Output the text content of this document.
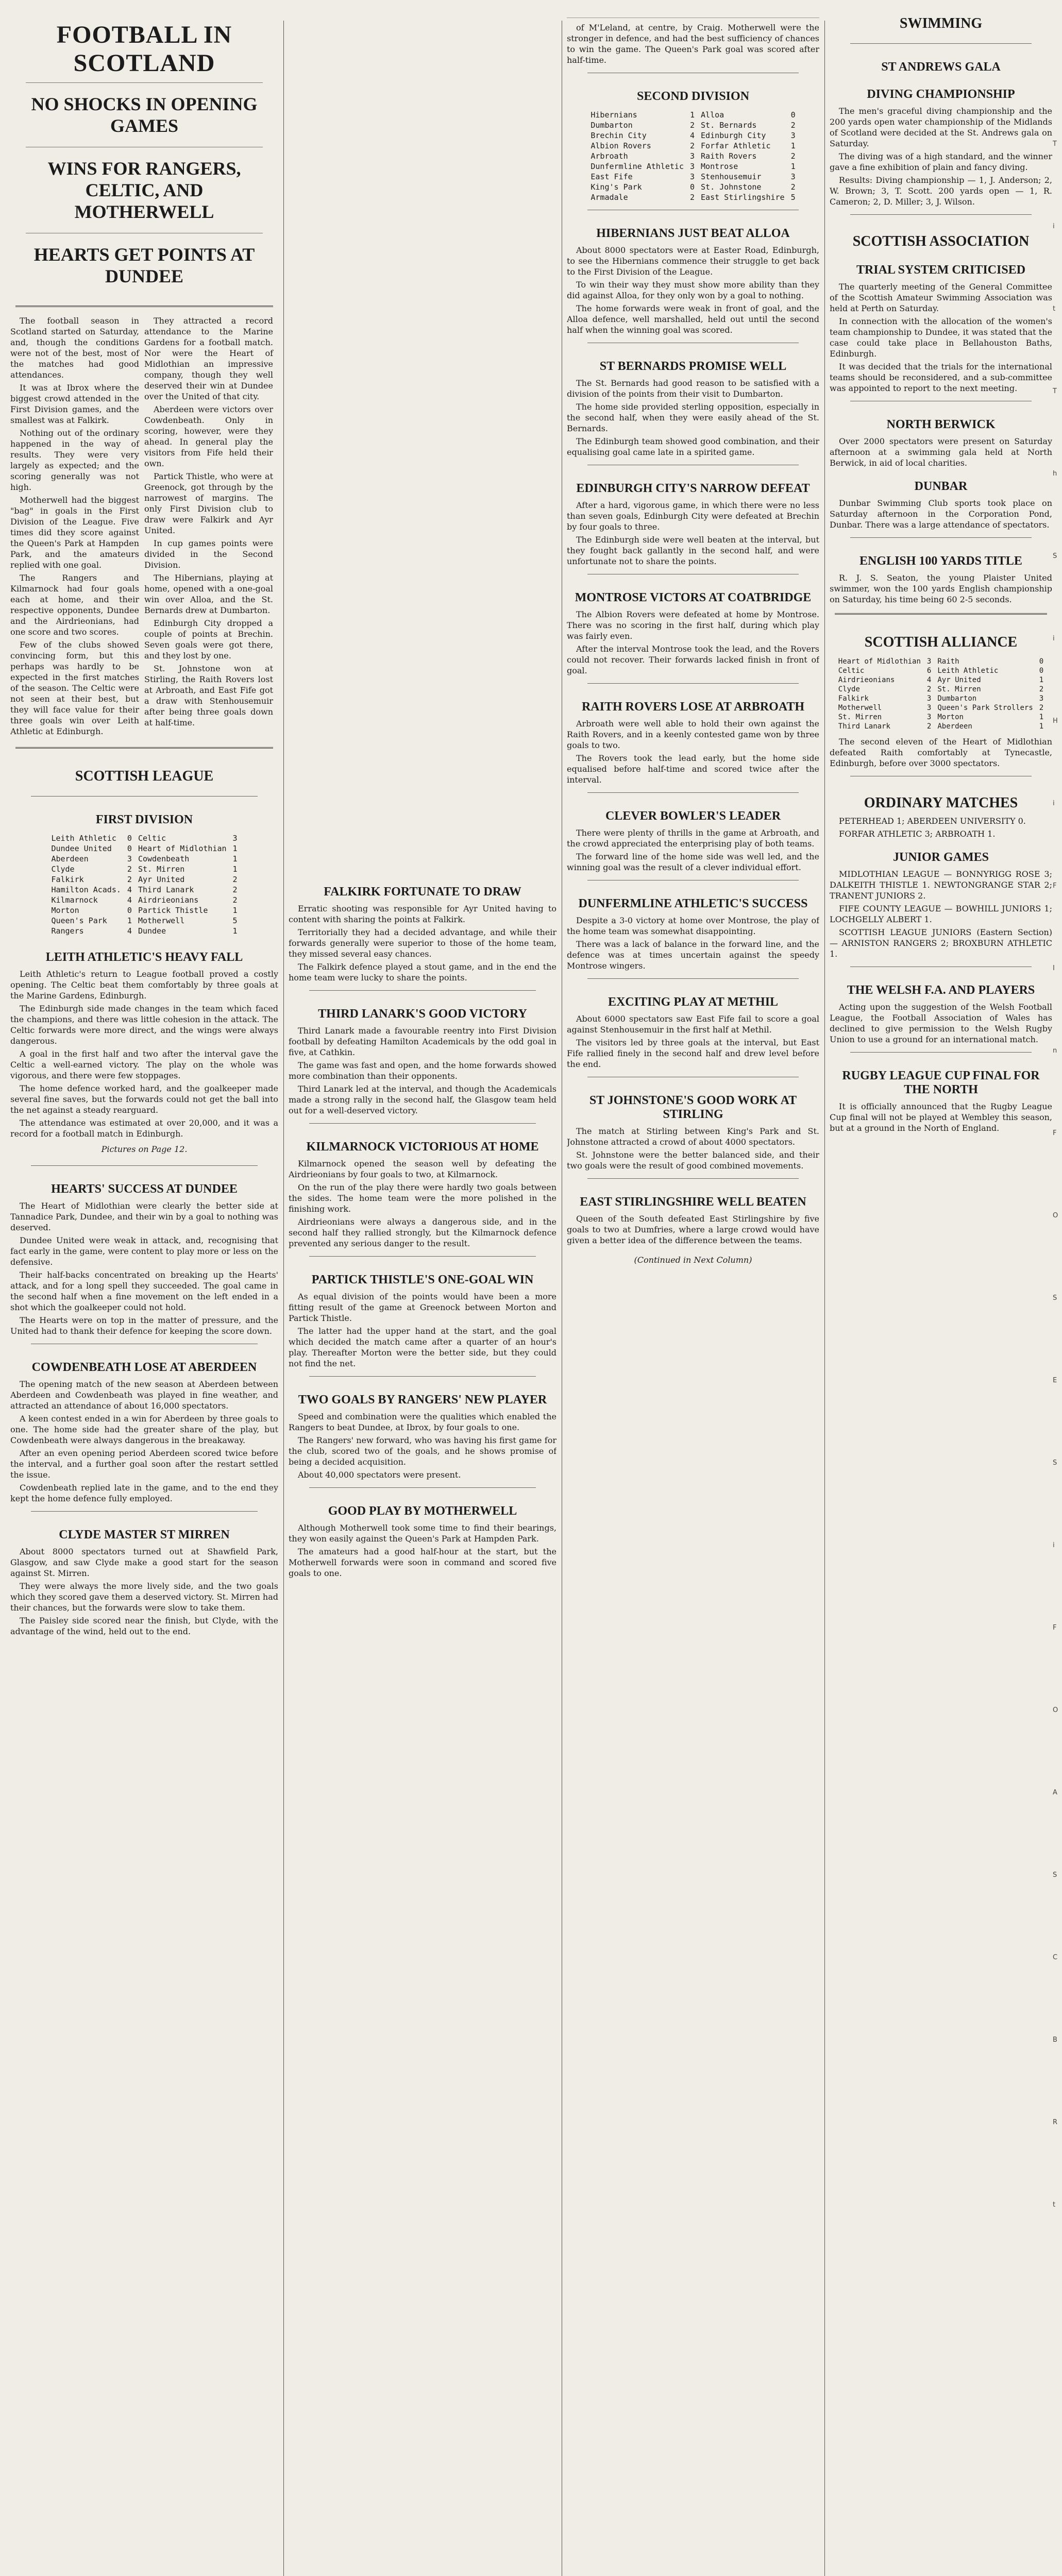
FOOTBALL IN SCOTLAND
NO SHOCKS IN OPENING GAMES
WINS FOR RANGERS, CELTIC, AND MOTHERWELL
HEARTS GET POINTS AT DUNDEE

The football season in Scotland started on Saturday, and, though the conditions were not of the best, most of the matches had good attendances.

It was at Ibrox where the biggest crowd attended in the First Division games, and the smallest was at Falkirk.

Nothing out of the ordinary happened in the way of results. They were very largely as expected; and the scoring generally was not high.

Motherwell had the biggest "bag" in goals in the First Division of the League. Five times did they score against the Queen's Park at Hampden Park, and the amateurs replied with one goal.

The Rangers and Kilmarnock had four goals each at home, and their respective opponents, Dundee and the Airdrieonians, had one score and two scores.

Few of the clubs showed convincing form, but this perhaps was hardly to be expected in the first matches of the season. The Celtic were not seen at their best, but they will face value for their three goals win over Leith Athletic at Edinburgh.

They attracted a record attendance to the Marine Gardens for a football match. Nor were the Heart of Midlothian an impressive company, though they well deserved their win at Dundee over the United of that city.

Aberdeen were victors over Cowdenbeath. Only in scoring, however, were they ahead. In general play the visitors from Fife held their own.

Partick Thistle, who were at Greenock, got through by the narrowest of margins. The only First Division club to draw were Falkirk and Ayr United.

In cup games points were divided in the Second Division.

The Hibernians, playing at home, opened with a one-goal win over Alloa, and the St. Bernards drew at Dumbarton.

Edinburgh City dropped a couple of points at Brechin. Seven goals were got there, and they lost by one.

St. Johnstone won at Stirling, the Raith Rovers lost at Arbroath, and East Fife got a draw with Stenhousemuir after being three goals down at half-time.

SCOTTISH LEAGUE
FIRST DIVISION
Leith Athletic	0	Celtic	3
Dundee United	0	Heart of Midlothian	1
Aberdeen	3	Cowdenbeath	1
Clyde	2	St. Mirren	1
Falkirk	2	Ayr United	2
Hamilton Acads.	4	Third Lanark	2
Kilmarnock	4	Airdrieonians	2
Morton	0	Partick Thistle	1
Queen's Park	1	Motherwell	5
Rangers	4	Dundee	1
LEITH ATHLETIC'S HEAVY FALL

Leith Athletic's return to League football proved a costly opening. The Celtic beat them comfortably by three goals at the Marine Gardens, Edinburgh.

The Edinburgh side made changes in the team which faced the champions, and there was little cohesion in the attack. The Celtic forwards were more direct, and the wings were always dangerous.

A goal in the first half and two after the interval gave the Celtic a well-earned victory. The play on the whole was vigorous, and there were few stoppages.

The home defence worked hard, and the goalkeeper made several fine saves, but the forwards could not get the ball into the net against a steady rearguard.

The attendance was estimated at over 20,000, and it was a record for a football match in Edinburgh.

Pictures on Page 12.
HEARTS' SUCCESS AT DUNDEE

The Heart of Midlothian were clearly the better side at Tannadice Park, Dundee, and their win by a goal to nothing was deserved.

Dundee United were weak in attack, and, recognising that fact early in the game, were content to play more or less on the defensive.

Their half-backs concentrated on breaking up the Hearts' attack, and for a long spell they succeeded. The goal came in the second half when a fine movement on the left ended in a shot which the goalkeeper could not hold.

The Hearts were on top in the matter of pressure, and the United had to thank their defence for keeping the score down.

COWDENBEATH LOSE AT ABERDEEN

The opening match of the new season at Aberdeen between Aberdeen and Cowdenbeath was played in fine weather, and attracted an attendance of about 16,000 spectators.

A keen contest ended in a win for Aberdeen by three goals to one. The home side had the greater share of the play, but Cowdenbeath were always dangerous in the breakaway.

After an even opening period Aberdeen scored twice before the interval, and a further goal soon after the restart settled the issue.

Cowdenbeath replied late in the game, and to the end they kept the home defence fully employed.

CLYDE MASTER ST MIRREN

About 8000 spectators turned out at Shawfield Park, Glasgow, and saw Clyde make a good start for the season against St. Mirren.

They were always the more lively side, and the two goals which they scored gave them a deserved victory. St. Mirren had their chances, but the forwards were slow to take them.

The Paisley side scored near the finish, but Clyde, with the advantage of the wind, held out to the end.

FALKIRK FORTUNATE TO DRAW

Erratic shooting was responsible for Ayr United having to content with sharing the points at Falkirk.

Territorially they had a decided advantage, and while their forwards generally were superior to those of the home team, they missed several easy chances.

The Falkirk defence played a stout game, and in the end the home team were lucky to share the points.

THIRD LANARK'S GOOD VICTORY

Third Lanark made a favourable reentry into First Division football by defeating Hamilton Academicals by the odd goal in five, at Cathkin.

The game was fast and open, and the home forwards showed more combination than their opponents.

Third Lanark led at the interval, and though the Academicals made a strong rally in the second half, the Glasgow team held out for a well-deserved victory.

KILMARNOCK VICTORIOUS AT HOME

Kilmarnock opened the season well by defeating the Airdrieonians by four goals to two, at Kilmarnock.

On the run of the play there were hardly two goals between the sides. The home team were the more polished in the finishing work.

Airdrieonians were always a dangerous side, and in the second half they rallied strongly, but the Kilmarnock defence prevented any serious danger to the result.

PARTICK THISTLE'S ONE-GOAL WIN

As equal division of the points would have been a more fitting result of the game at Greenock between Morton and Partick Thistle.

The latter had the upper hand at the start, and the goal which decided the match came after a quarter of an hour's play. Thereafter Morton were the better side, but they could not find the net.

TWO GOALS BY RANGERS' NEW PLAYER

Speed and combination were the qualities which enabled the Rangers to beat Dundee, at Ibrox, by four goals to one.

The Rangers' new forward, who was having his first game for the club, scored two of the goals, and he shows promise of being a decided acquisition.

About 40,000 spectators were present.

GOOD PLAY BY MOTHERWELL

Although Motherwell took some time to find their bearings, they won easily against the Queen's Park at Hampden Park.

The amateurs had a good half-hour at the start, but the Motherwell forwards were soon in command and scored five goals to one.

of M'Leland, at centre, by Craig. Motherwell were the stronger in defence, and had the best sufficiency of chances to win the game. The Queen's Park goal was scored after half-time.

SECOND DIVISION
Hibernians	1	Alloa	0
Dumbarton	2	St. Bernards	2
Brechin City	4	Edinburgh City	3
Albion Rovers	2	Forfar Athletic	1
Arbroath	3	Raith Rovers	2
Dunfermline Athletic	3	Montrose	1
East Fife	3	Stenhousemuir	3
King's Park	0	St. Johnstone	2
Armadale	2	East Stirlingshire	5
HIBERNIANS JUST BEAT ALLOA

About 8000 spectators were at Easter Road, Edinburgh, to see the Hibernians commence their struggle to get back to the First Division of the League.

To win their way they must show more ability than they did against Alloa, for they only won by a goal to nothing.

The home forwards were weak in front of goal, and the Alloa defence, well marshalled, held out until the second half when the winning goal was scored.

ST BERNARDS PROMISE WELL

The St. Bernards had good reason to be satisfied with a division of the points from their visit to Dumbarton.

The home side provided sterling opposition, especially in the second half, when they were easily ahead of the St. Bernards.

The Edinburgh team showed good combination, and their equalising goal came late in a spirited game.

EDINBURGH CITY'S NARROW DEFEAT

After a hard, vigorous game, in which there were no less than seven goals, Edinburgh City were defeated at Brechin by four goals to three.

The Edinburgh side were well beaten at the interval, but they fought back gallantly in the second half, and were unfortunate not to share the points.

MONTROSE VICTORS AT COATBRIDGE

The Albion Rovers were defeated at home by Montrose. There was no scoring in the first half, during which play was fairly even.

After the interval Montrose took the lead, and the Rovers could not recover. Their forwards lacked finish in front of goal.

RAITH ROVERS LOSE AT ARBROATH

Arbroath were well able to hold their own against the Raith Rovers, and in a keenly contested game won by three goals to two.

The Rovers took the lead early, but the home side equalised before half-time and scored twice after the interval.

CLEVER BOWLER'S LEADER

There were plenty of thrills in the game at Arbroath, and the crowd appreciated the enterprising play of both teams.

The forward line of the home side was well led, and the winning goal was the result of a clever individual effort.

DUNFERMLINE ATHLETIC'S SUCCESS

Despite a 3-0 victory at home over Montrose, the play of the home team was somewhat disappointing.

There was a lack of balance in the forward line, and the defence was at times uncertain against the speedy Montrose wingers.

EXCITING PLAY AT METHIL

About 6000 spectators saw East Fife fail to score a goal against Stenhousemuir in the first half at Methil.

The visitors led by three goals at the interval, but East Fife rallied finely in the second half and drew level before the end.

ST JOHNSTONE'S GOOD WORK AT STIRLING

The match at Stirling between King's Park and St. Johnstone attracted a crowd of about 4000 spectators.

St. Johnstone were the better balanced side, and their two goals were the result of good combined movements.

EAST STIRLINGSHIRE WELL BEATEN

Queen of the South defeated East Stirlingshire by five goals to two at Dumfries, where a large crowd would have given a better idea of the difference between the teams.

(Continued in Next Column)
SWIMMING
ST ANDREWS GALA
DIVING CHAMPIONSHIP

The men's graceful diving championship and the 200 yards open water championship of the Midlands of Scotland were decided at the St. Andrews gala on Saturday.

The diving was of a high standard, and the winner gave a fine exhibition of plain and fancy diving.

Results: Diving championship — 1, J. Anderson; 2, W. Brown; 3, T. Scott. 200 yards open — 1, R. Cameron; 2, D. Miller; 3, J. Wilson.

SCOTTISH ASSOCIATION
TRIAL SYSTEM CRITICISED

The quarterly meeting of the General Committee of the Scottish Amateur Swimming Association was held at Perth on Saturday.

In connection with the allocation of the women's team championship to Dundee, it was stated that the case could take place in Bellahouston Baths, Edinburgh.

It was decided that the trials for the international teams should be reconsidered, and a sub-committee was appointed to report to the next meeting.

NORTH BERWICK

Over 2000 spectators were present on Saturday afternoon at a swimming gala held at North Berwick, in aid of local charities.

DUNBAR

Dunbar Swimming Club sports took place on Saturday afternoon in the Corporation Pond, Dunbar. There was a large attendance of spectators.

ENGLISH 100 YARDS TITLE

R. J. S. Seaton, the young Plaister United swimmer, won the 100 yards English championship on Saturday, his time being 60 2-5 seconds.

SCOTTISH ALLIANCE
Heart of Midlothian	3	Raith	0
Celtic	6	Leith Athletic	0
Airdrieonians	4	Ayr United	1
Clyde	2	St. Mirren	2
Falkirk	3	Dumbarton	3
Motherwell	3	Queen's Park Strollers	2
St. Mirren	3	Morton	1
Third Lanark	2	Aberdeen	1

The second eleven of the Heart of Midlothian defeated Raith comfortably at Tynecastle, Edinburgh, before over 3000 spectators.

ORDINARY MATCHES

PETERHEAD 1; ABERDEEN UNIVERSITY 0.

FORFAR ATHLETIC 3; ARBROATH 1.

JUNIOR GAMES

MIDLOTHIAN LEAGUE — BONNYRIGG ROSE 3; DALKEITH THISTLE 1. NEWTONGRANGE STAR 2; TRANENT JUNIORS 2.

FIFE COUNTY LEAGUE — BOWHILL JUNIORS 1; LOCHGELLY ALBERT 1.

SCOTTISH LEAGUE JUNIORS (Eastern Section) — ARNISTON RANGERS 2; BROXBURN ATHLETIC 1.

THE WELSH F.A. AND PLAYERS

Acting upon the suggestion of the Welsh Football League, the Football Association of Wales has declined to give permission to the Welsh Rugby Union to use a ground for an international match.

RUGBY LEAGUE CUP FINAL FOR THE NORTH

It is officially announced that the Rugby League Cup final will not be played at Wembley this season, but at a ground in the North of England.

T i t T h S i H i F I n F O S E S i F O A S C B R t
